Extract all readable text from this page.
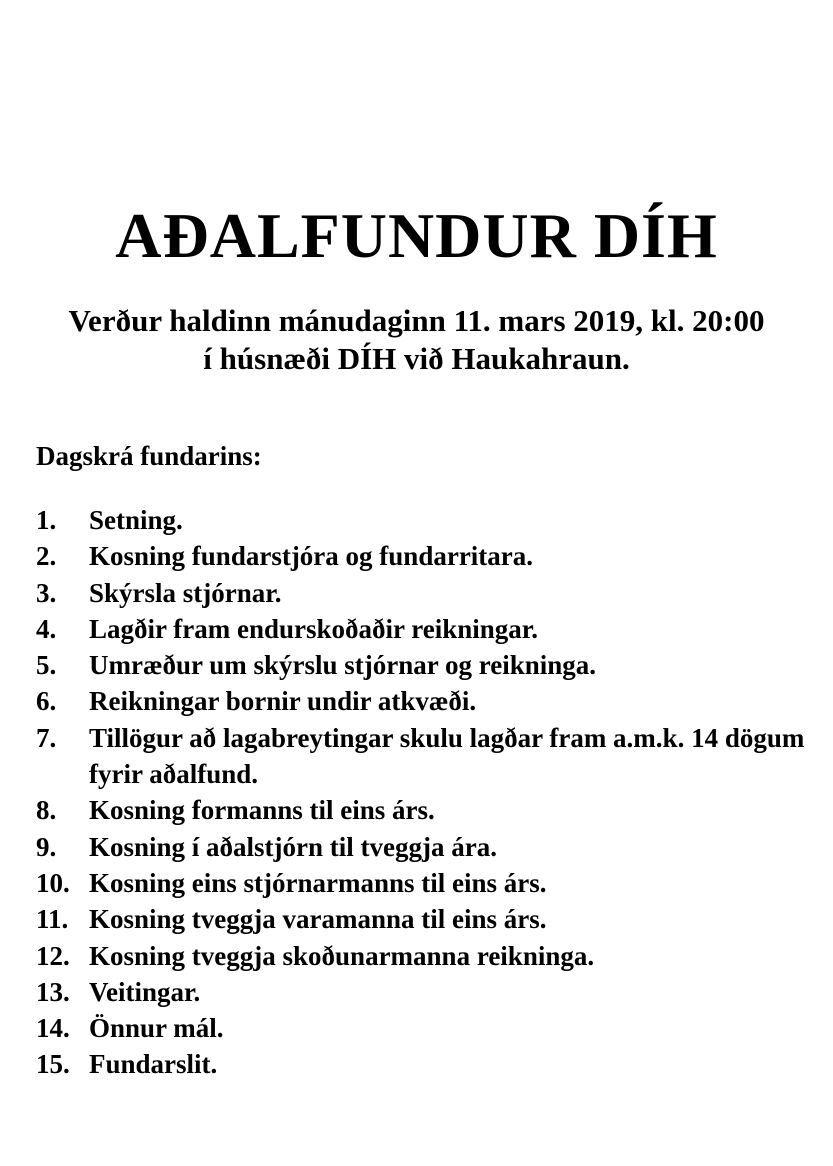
AÐALFUNDUR DÍH
Verður haldinn mánudaginn 11. mars 2019, kl. 20:00
í húsnæði DÍH við Haukahraun.
Dagskrá fundarins:
1.	Setning.
2.	Kosning fundarstjóra og fundarritara.
3.	Skýrsla stjórnar.
4.	Lagðir fram endurskoðaðir reikningar.
5.	Umræður um skýrslu stjórnar og reikninga.
6.	Reikningar bornir undir atkvæði.
7.	Tillögur að lagabreytingar skulu lagðar fram a.m.k. 14 dögum fyrir aðalfund.
8.	Kosning formanns til eins árs.
9.	Kosning í aðalstjórn til tveggja ára.
10. Kosning eins stjórnarmanns til eins árs.
11. Kosning tveggja varamanna til eins árs.
12. Kosning tveggja skoðunarmanna reikninga.
13. Veitingar.
14. Önnur mál.
15. Fundarslit.
